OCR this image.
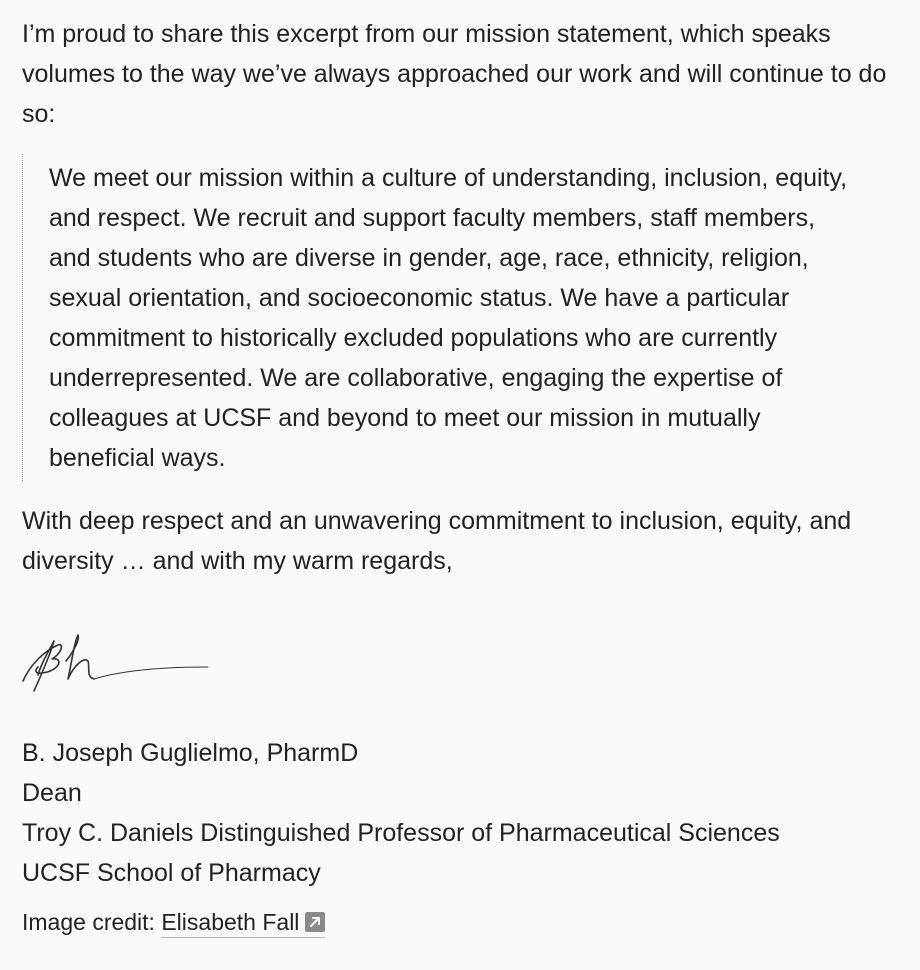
I’m proud to share this excerpt from our mission statement, which speaks volumes to the way we’ve always approached our work and will continue to do so:

We meet our mission within a culture of understanding, inclusion, equity, and respect. We recruit and support faculty members, staff members, and students who are diverse in gender, age, race, ethnicity, religion, sexual orientation, and socioeconomic status. We have a particular commitment to historically excluded populations who are currently underrepresented. We are collaborative, engaging the expertise of colleagues at UCSF and beyond to meet our mission in mutually beneficial ways.

With deep respect and an unwavering commitment to inclusion, equity, and diversity … and with my warm regards,

B. Joseph Guglielmo, PharmD
Dean
Troy C. Daniels Distinguished Professor of Pharmaceutical Sciences
UCSF School of Pharmacy
Image credit: Elisabeth Fall
